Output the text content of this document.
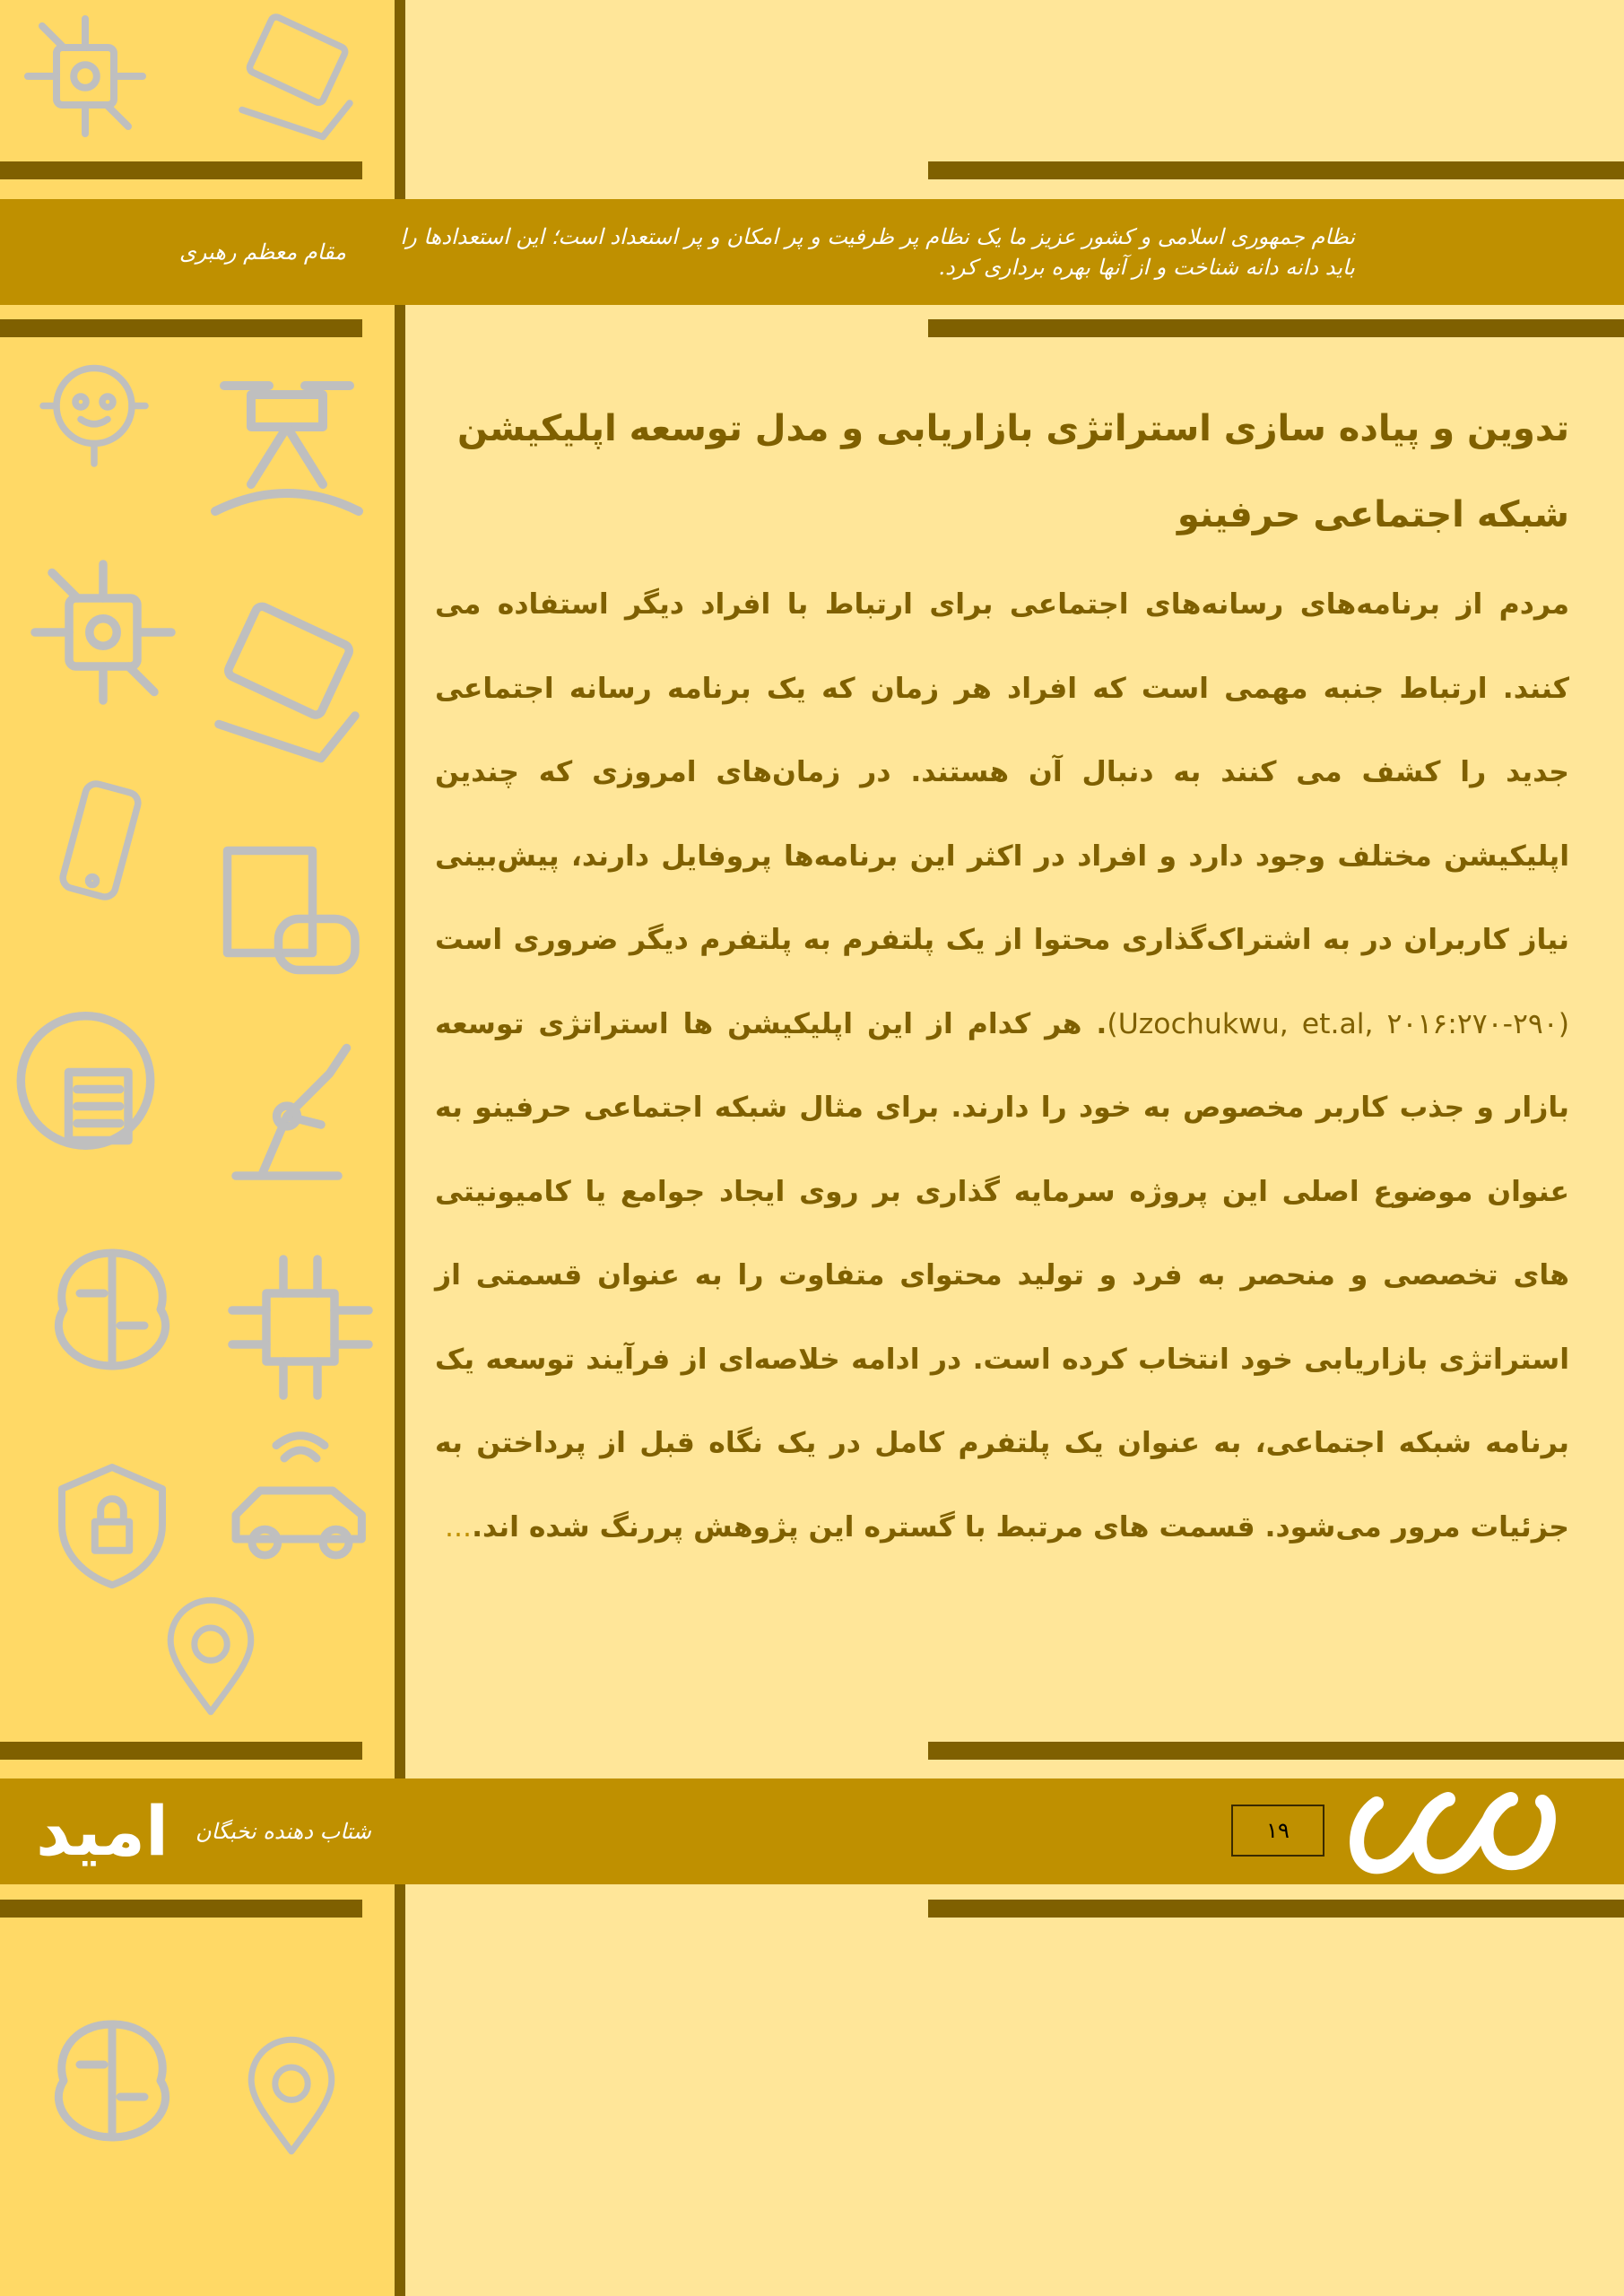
نظام جمهوری اسلامی و کشور عزیز ما یک نظام پر ظرفیت و پر امکان و پر استعداد است؛ این استعدادها را باید دانه دانه شناخت و از آنها بهره برداری کرد.
مقام معظم رهبری
تدوین و پیاده سازی استراتژی بازاریابی و مدل توسعه اپلیکیشن شبکه اجتماعی حرفینو
مردم از برنامه‌های رسانه‌های اجتماعی برای ارتباط با افراد دیگر استفاده می کنند. ارتباط جنبه مهمی است که افراد هر زمان که یک برنامه رسانه اجتماعی جدید را کشف می کنند به دنبال آن هستند. در زمان‌های امروزی که چندین اپلیکیشن مختلف وجود دارد و افراد در اکثر این برنامه‌ها پروفایل دارند، پیش‌بینی نیاز کاربران در به اشتراک‌گذاری محتوا از یک پلتفرم به پلتفرم دیگر ضروری است (Uzochukwu, et.al, ۲۰۱۶:۲۷۰-۲۹۰). هر کدام از این اپلیکیشن ها استراتژی توسعه بازار و جذب کاربر مخصوص به خود را دارند. برای مثال شبکه اجتماعی حرفینو به عنوان موضوع اصلی این پروژه سرمایه گذاری بر روی ایجاد جوامع یا کامیونیتی های تخصصی و منحصر به فرد و تولید محتوای متفاوت را به عنوان قسمتی از استراتژی بازاریابی خود انتخاب کرده است. در ادامه خلاصه‌ای از فرآیند توسعه یک برنامه شبکه اجتماعی، به عنوان یک پلتفرم کامل در یک نگاه قبل از پرداختن به جزئیات مرور می‌شود. قسمت های مرتبط با گستره این پژوهش پررنگ شده اند....
امید شتاب دهنده نخبگان	۱۹
